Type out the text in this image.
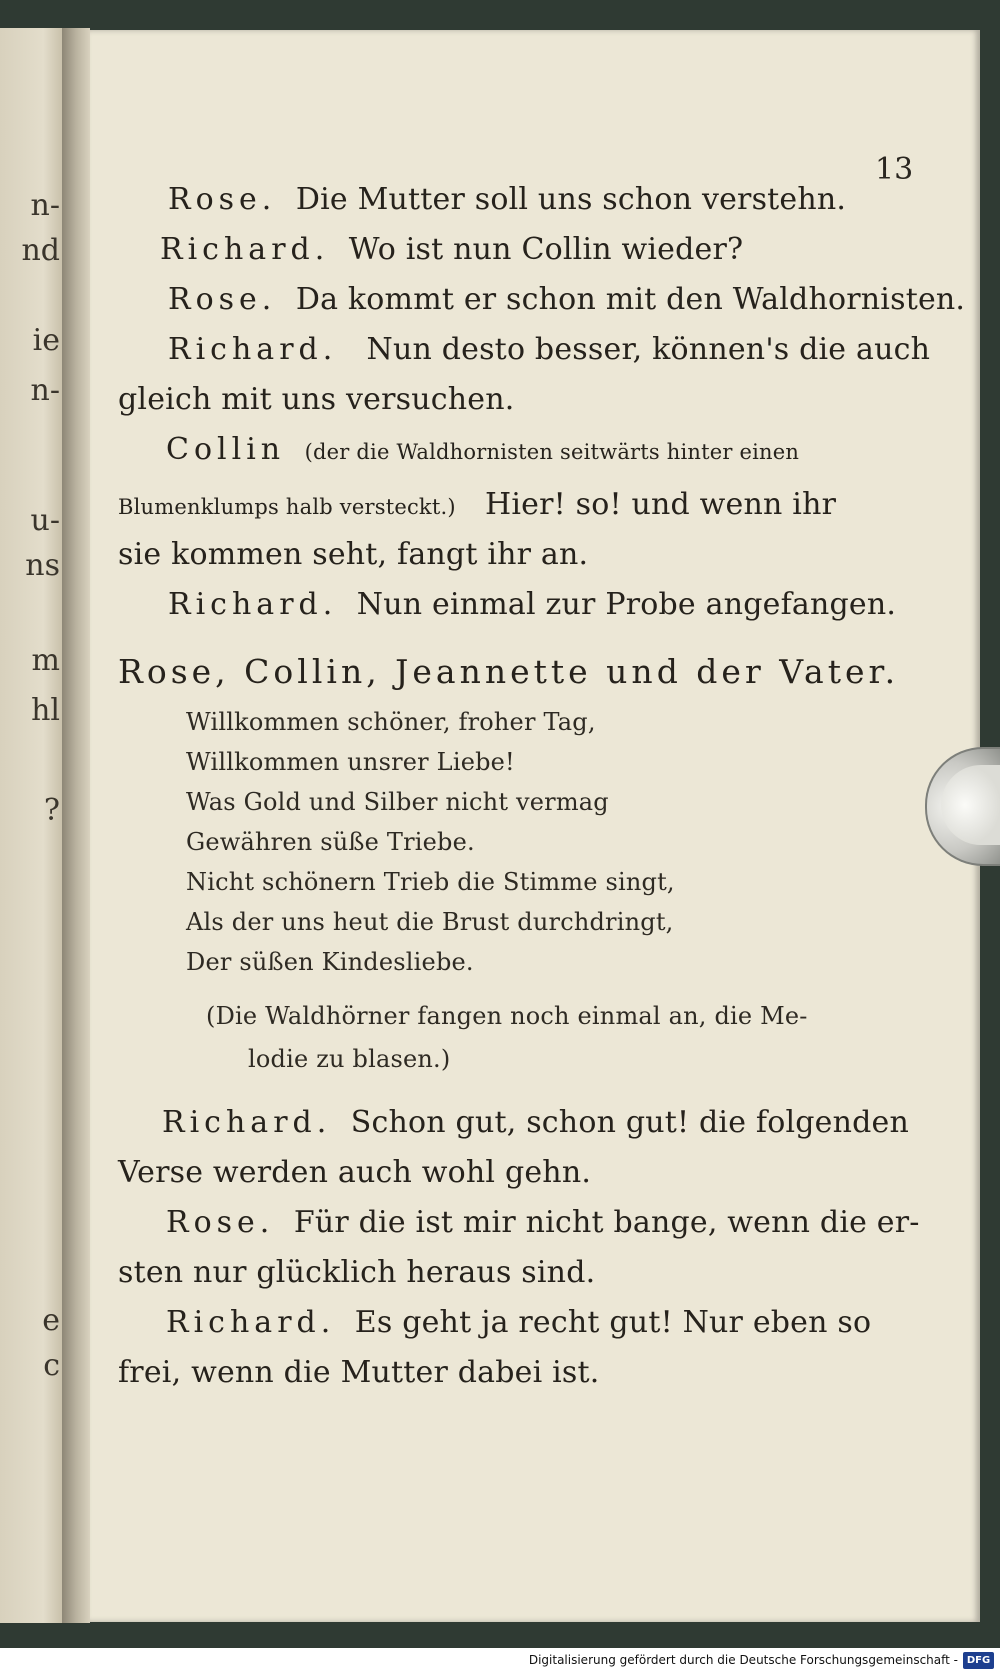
n‑
nd
ie
n‑
u‑
ns
m
hl
?
e
c
13
Rose. Die Mutter soll uns schon verstehn.
Richard. Wo ist nun Collin wieder?
Rose. Da kommt er schon mit den Waldhornisten.
Richard. Nun desto besser, können's die auch
gleich mit uns versuchen.
Collin (der die Waldhornisten seitwärts hinter einen
Blumenklumps halb versteckt.) Hier! so! und wenn ihr
sie kommen seht, fangt ihr an.
Richard. Nun einmal zur Probe angefangen.
Rose, Collin, Jeannette und der Vater.
Willkommen schöner, froher Tag,
Willkommen unsrer Liebe!
Was Gold und Silber nicht vermag
Gewähren süße Triebe.
Nicht schönern Trieb die Stimme singt,
Als der uns heut die Brust durchdringt,
Der süßen Kindesliebe.
(Die Waldhörner fangen noch einmal an, die Me-
lodie zu blasen.)
Richard. Schon gut, schon gut! die folgenden
Verse werden auch wohl gehn.
Rose. Für die ist mir nicht bange, wenn die er-
sten nur glücklich heraus sind.
Richard. Es geht ja recht gut! Nur eben so
frei, wenn die Mutter dabei ist.
Digitalisierung gefördert durch die Deutsche Forschungsgemeinschaft - DFG
